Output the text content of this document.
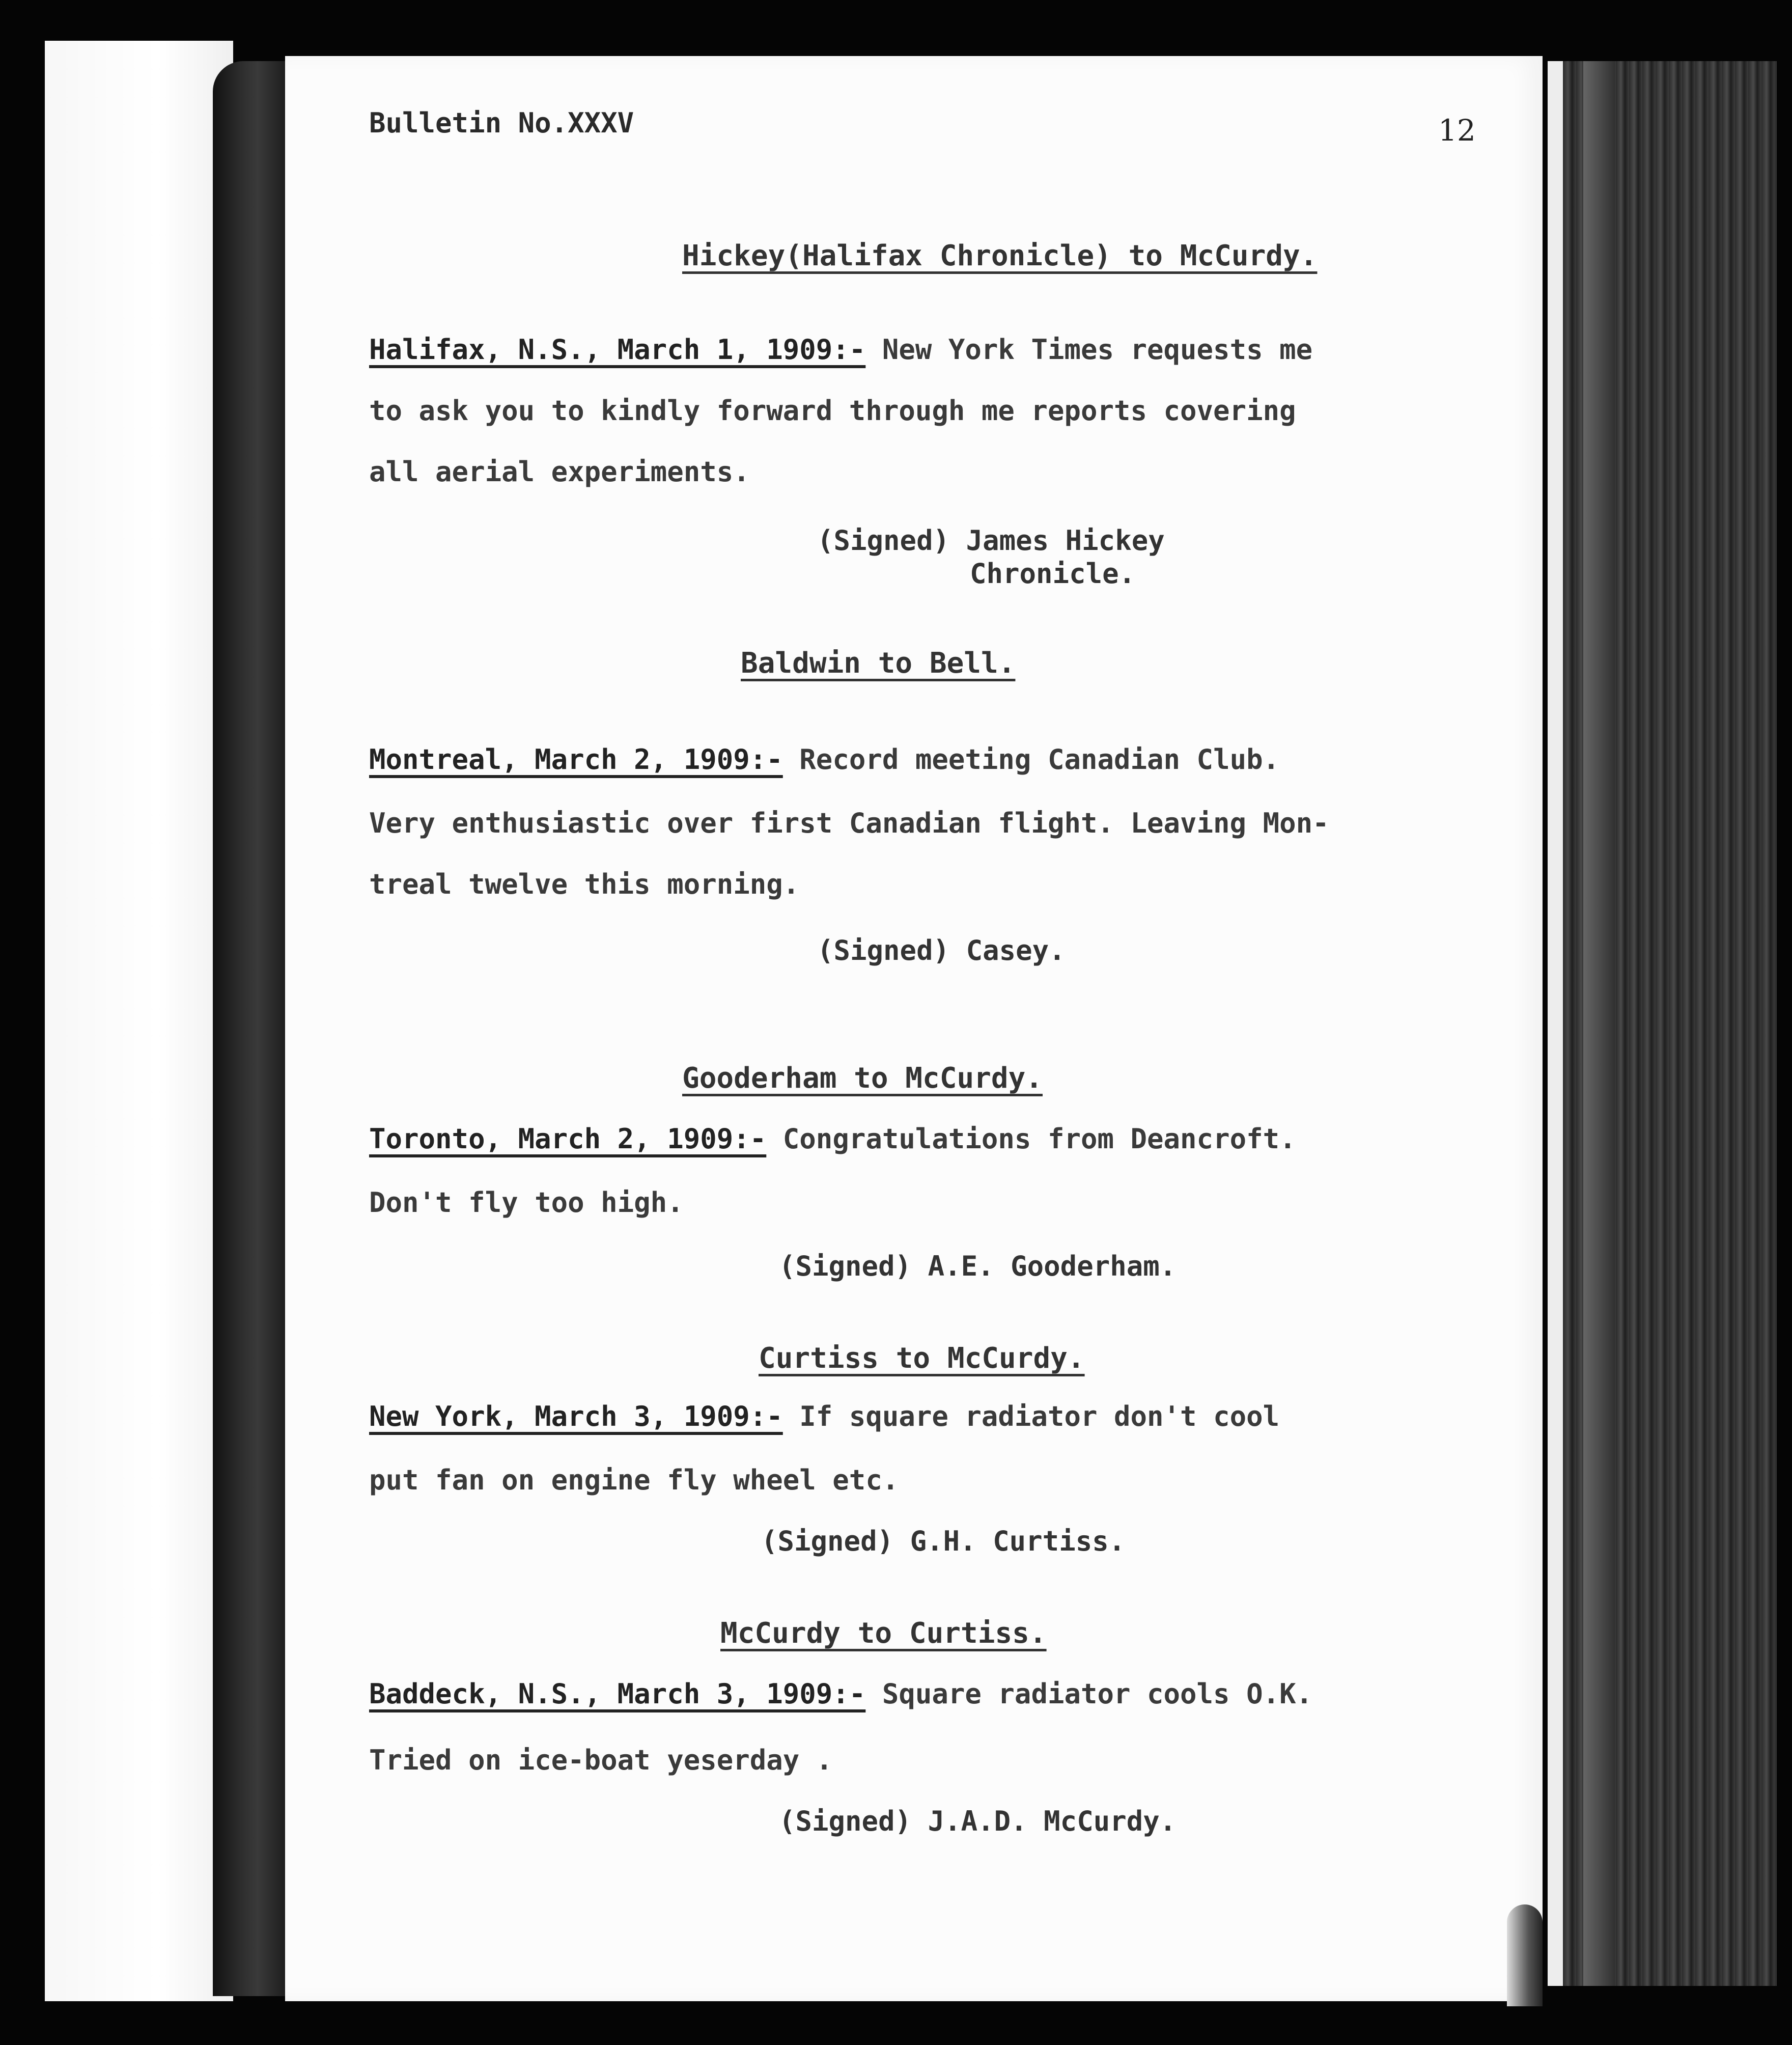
Bulletin No.XXXV	12
Hickey(Halifax Chronicle) to McCurdy.
Halifax, N.S., March 1, 1909:- New York Times requests me
to ask you to kindly forward through me reports covering
all aerial experiments.
(Signed) James Hickey
Chronicle.
Baldwin to Bell.
Montreal, March 2, 1909:- Record meeting Canadian Club.
Very enthusiastic over first Canadian flight. Leaving Mon-
treal twelve this morning.
(Signed) Casey.
Gooderham to McCurdy.
Toronto, March 2, 1909:- Congratulations from Deancroft.
Don't fly too high.
(Signed) A.E. Gooderham.
Curtiss to McCurdy.
New York, March 3, 1909:- If square radiator don't cool
put fan on engine fly wheel etc.
(Signed) G.H. Curtiss.
McCurdy to Curtiss.
Baddeck, N.S., March 3, 1909:- Square radiator cools O.K.
Tried on ice-boat yeserday .
(Signed) J.A.D. McCurdy.
